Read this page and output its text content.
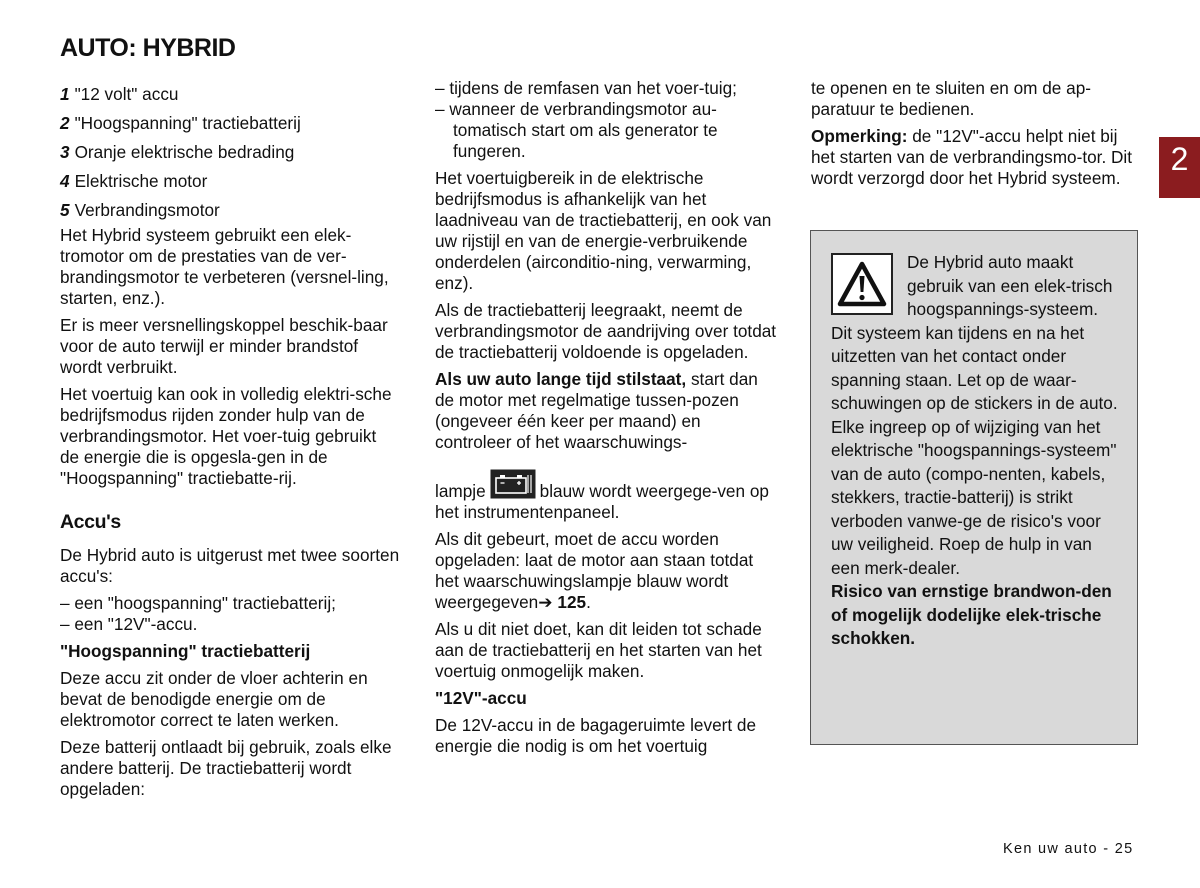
AUTO: HYBRID

1 "12 volt" accu

2 "Hoogspanning" tractiebatterij

3 Oranje elektrische bedrading

4 Elektrische motor

5 Verbrandingsmotor

Het Hybrid systeem gebruikt een elek-tromotor om de prestaties van de ver-brandingsmotor te verbeteren (versnel-ling, starten, enz.).

Er is meer versnellingskoppel beschik-baar voor de auto terwijl er minder brandstof wordt verbruikt.

Het voertuig kan ook in volledig elektri-sche bedrijfsmodus rijden zonder hulp van de verbrandingsmotor. Het voer-tuig gebruikt de energie die is opgesla-gen in de "Hoogspanning" tractiebatte-rij.

Accu's

De Hybrid auto is uitgerust met twee soorten accu's:

– een "hoogspanning" tractiebatterij;

– een "12V"-accu.

"Hoogspanning" tractiebatterij

Deze accu zit onder de vloer achterin en bevat de benodigde energie om de elektromotor correct te laten werken.

Deze batterij ontlaadt bij gebruik, zoals elke andere batterij. De tractiebatterij wordt opgeladen:

– tijdens de remfasen van het voer-tuig;

– wanneer de verbrandingsmotor au-tomatisch start om als generator te fungeren.

Het voertuigbereik in de elektrische bedrijfsmodus is afhankelijk van het laadniveau van de tractiebatterij, en ook van uw rijstijl en van de energie-verbruikende onderdelen (airconditio-ning, verwarming, enz).

Als de tractiebatterij leegraakt, neemt de verbrandingsmotor de aandrijving over totdat de tractiebatterij voldoende is opgeladen.

Als uw auto lange tijd stilstaat, start dan de motor met regelmatige tussen-pozen (ongeveer één keer per maand) en controleer of het waarschuwings-

lampje	blauw wordt weergege-ven op het instrumentenpaneel.

Als dit gebeurt, moet de accu worden opgeladen: laat de motor aan staan totdat het waarschuwingslampje blauw wordt weergegeven➔ 125.

Als u dit niet doet, kan dit leiden tot schade aan de tractiebatterij en het starten van het voertuig onmogelijk maken.

"12V"-accu

De 12V-accu in de bagageruimte levert de energie die nodig is om het voertuig

te openen en te sluiten en om de ap-paratuur te bedienen.

Opmerking: de "12V"-accu helpt niet bij het starten van de verbrandingsmo-tor. Dit wordt verzorgd door het Hybrid systeem.

De Hybrid auto maakt gebruik van een elek-trisch hoogspannings-systeem.

Dit systeem kan tijdens en na het uitzetten van het contact onder spanning staan. Let op de waar-schuwingen op de stickers in de auto.

Elke ingreep op of wijziging van het elektrische "hoogspannings-systeem" van de auto (compo-nenten, kabels, stekkers, tractie-batterij) is strikt verboden vanwe-ge de risico's voor uw veiligheid. Roep de hulp in van een merk-dealer.

Risico van ernstige brandwon-den of mogelijk dodelijke elek-trische schokken.

2
Ken uw auto - 25
